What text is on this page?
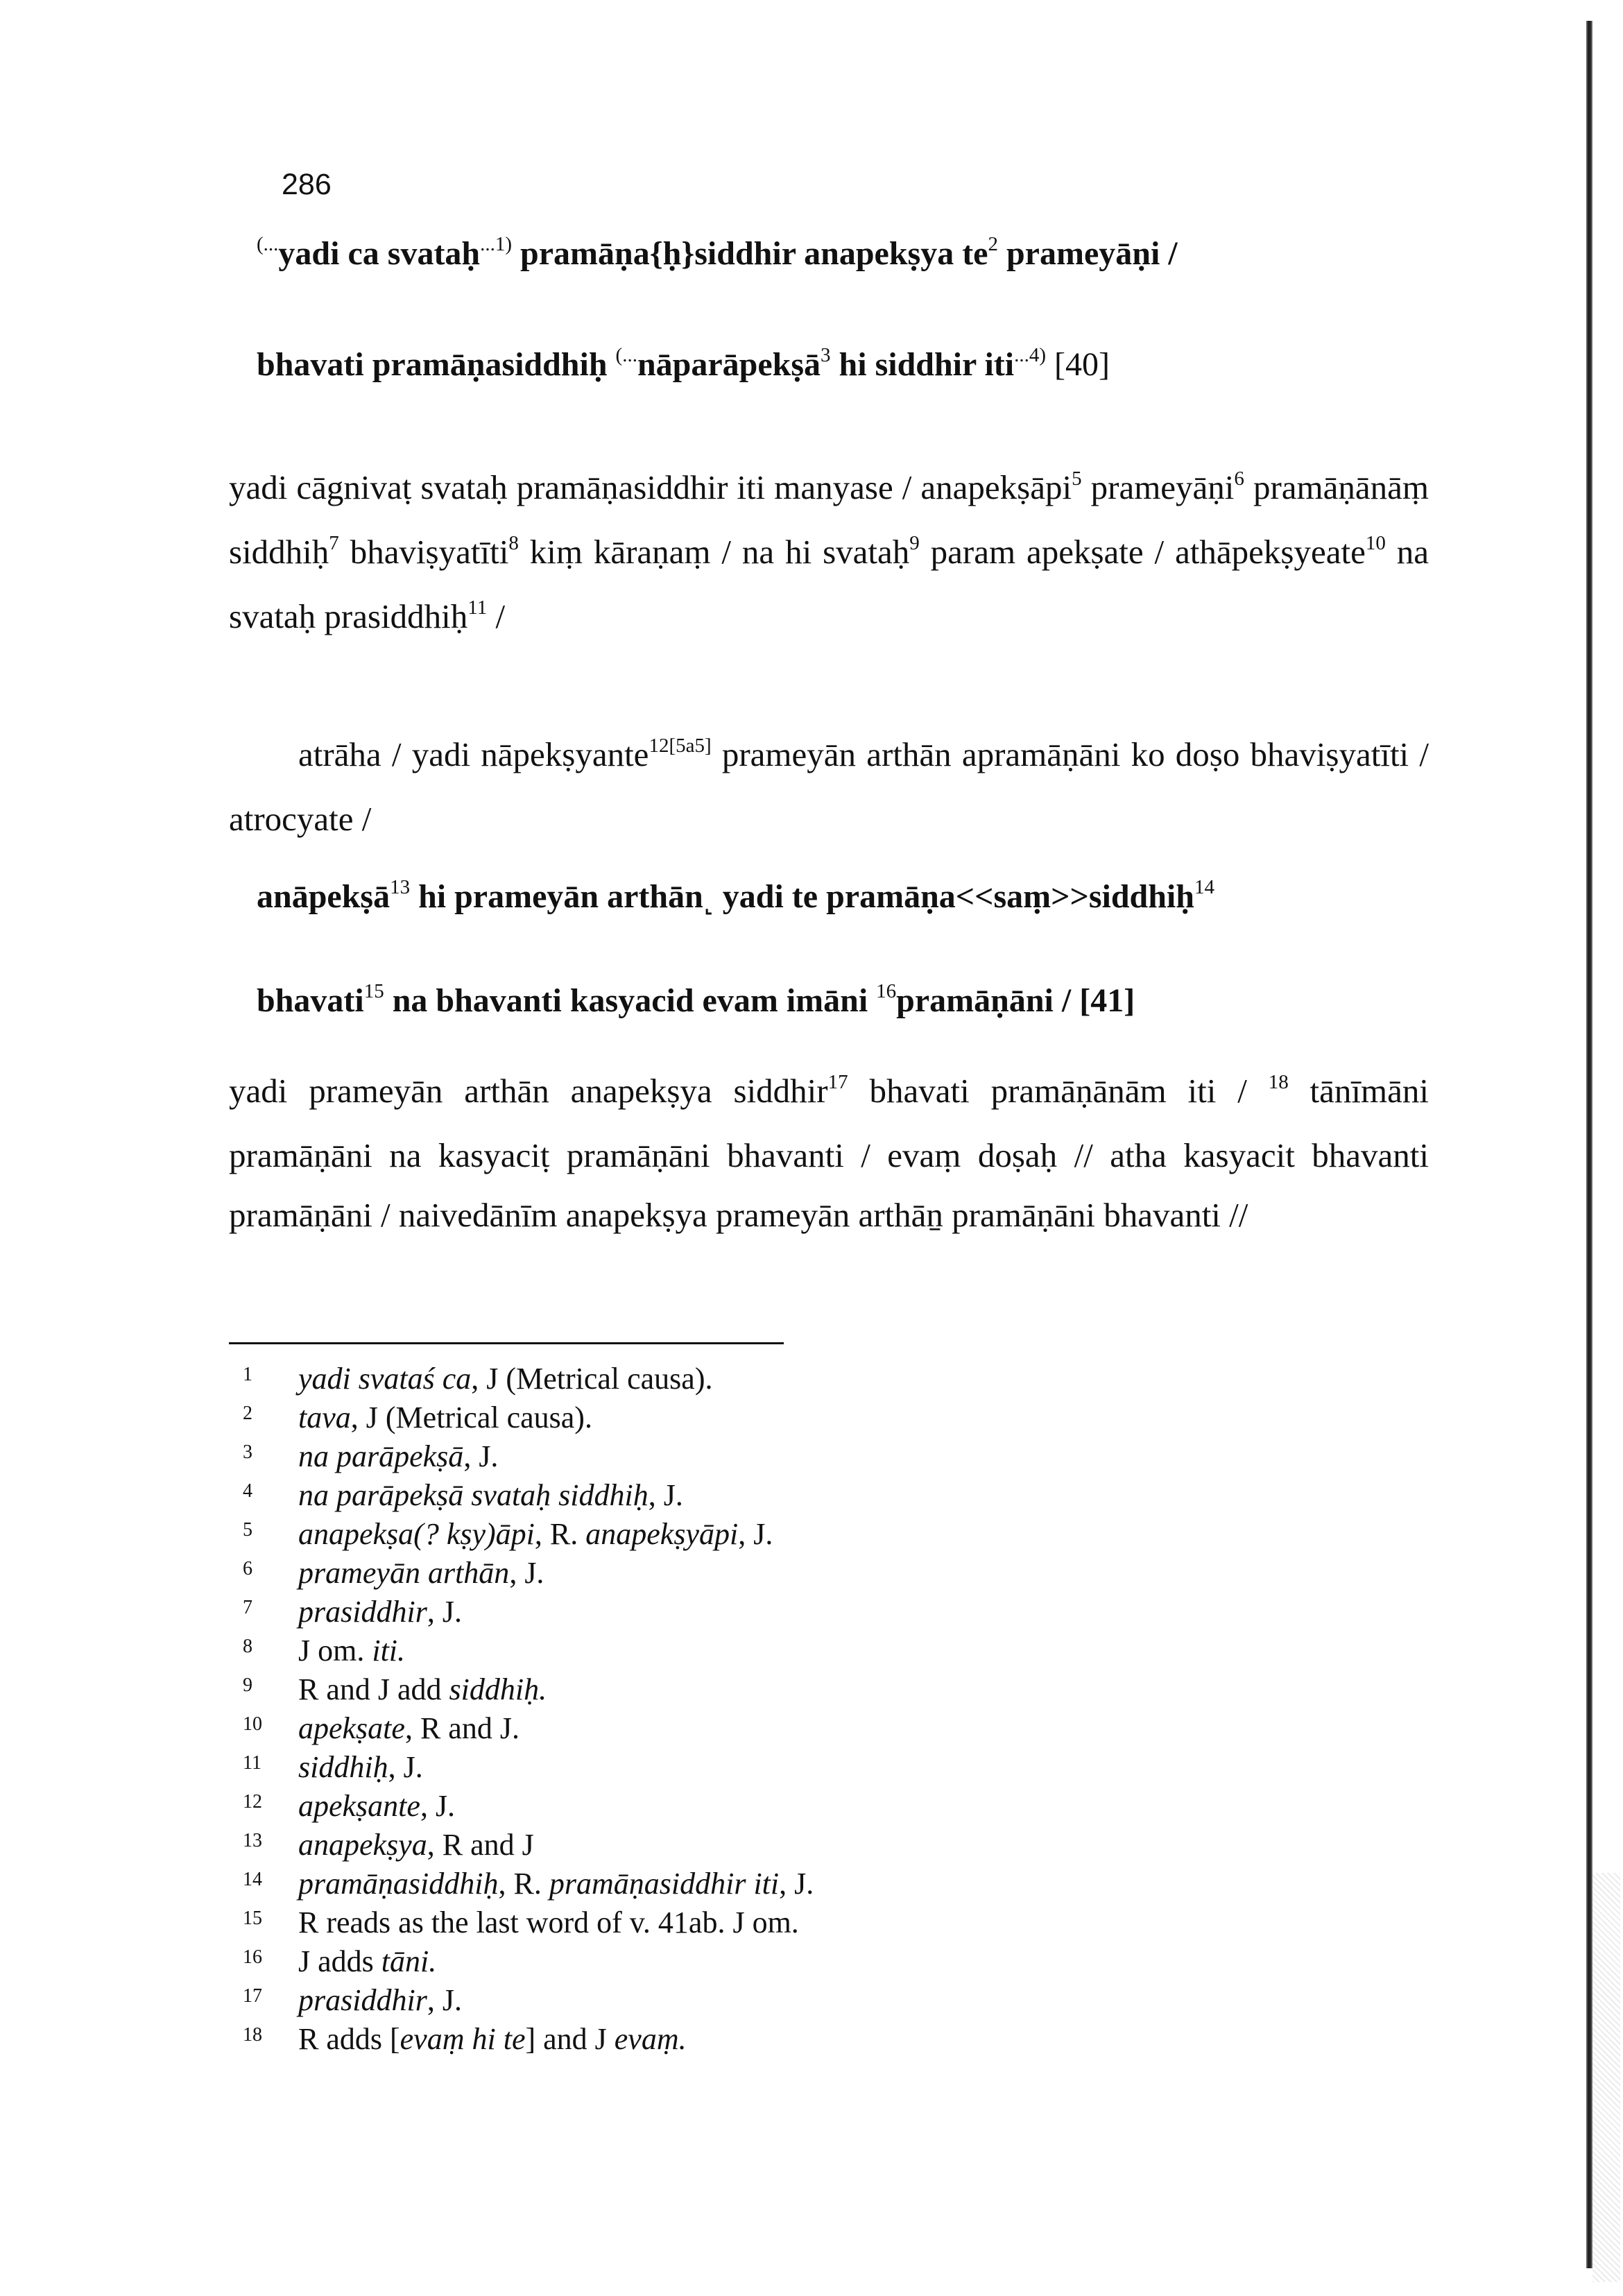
286
(...yadi ca svataḥ$^{...1)}$ pramāṇa{ḥ}siddhir anapekṣya te$^2$ prameyāṇi /
bhavati pramāṇasiddhiḥ (...nāparāpekṣā$^3$ hi siddhir iti$^{...4)}$ [40]
yadi cāgnivaṭ svataḥ pramāṇasiddhir iti manyase / anapekṣāpi$^5$ prameyāṇi$^6$ pramāṇānāṃ siddhiḥ$^7$ bhaviṣyatīti$^8$ kiṃ kāraṇaṃ / na hi svataḥ$^9$ param apekṣate / athāpekṣyeate$^{10}$ na svataḥ prasiddhiḥ$^{11}$ /
atrāha / yadi nāpekṣyante$^{12[5a5]}$ prameyān arthān apramāṇāni ko doṣo bhaviṣyatīti / atrocyate /
anāpekṣā$^{13}$ hi prameyān arthān˻ yadi te pramāṇa<<saṃ>>siddhiḥ$^{14}$
bhavati$^{15}$ na bhavanti kasyacid evam imāni $^{16}$pramāṇāni / [41]
yadi prameyān arthān anapekṣya siddhir$^{17}$ bhavati pramāṇānām iti / $^{18}$ tānīmāni pramāṇāni na kasyaciṭ pramāṇāni bhavanti / evaṃ doṣaḥ // atha kasyacit bhavanti pramāṇāni / naivedānīm anapekṣya prameyān arthāṉ pramāṇāni bhavanti //
1	yadi svataś ca, J (Metrical causa).
2	tava, J (Metrical causa).
3	na parāpekṣā, J.
4	na parāpekṣā svataḥ siddhiḥ, J.
5	anapekṣa(? kṣy)āpi, R. anapekṣyāpi, J.
6	prameyān arthān, J.
7	prasiddhir, J.
8	J om. iti.
9	R and J add siddhiḥ.
10 apekṣate, R and J.
11 siddhiḥ, J.
12 apekṣante, J.
13 anapekṣya, R and J
14 pramāṇasiddhiḥ, R. pramāṇasiddhir iti, J.
15 R reads as the last word of v. 41ab. J om.
16 J adds tāni.
17 prasiddhir, J.
18 R adds [evaṃ hi te] and J evaṃ.
